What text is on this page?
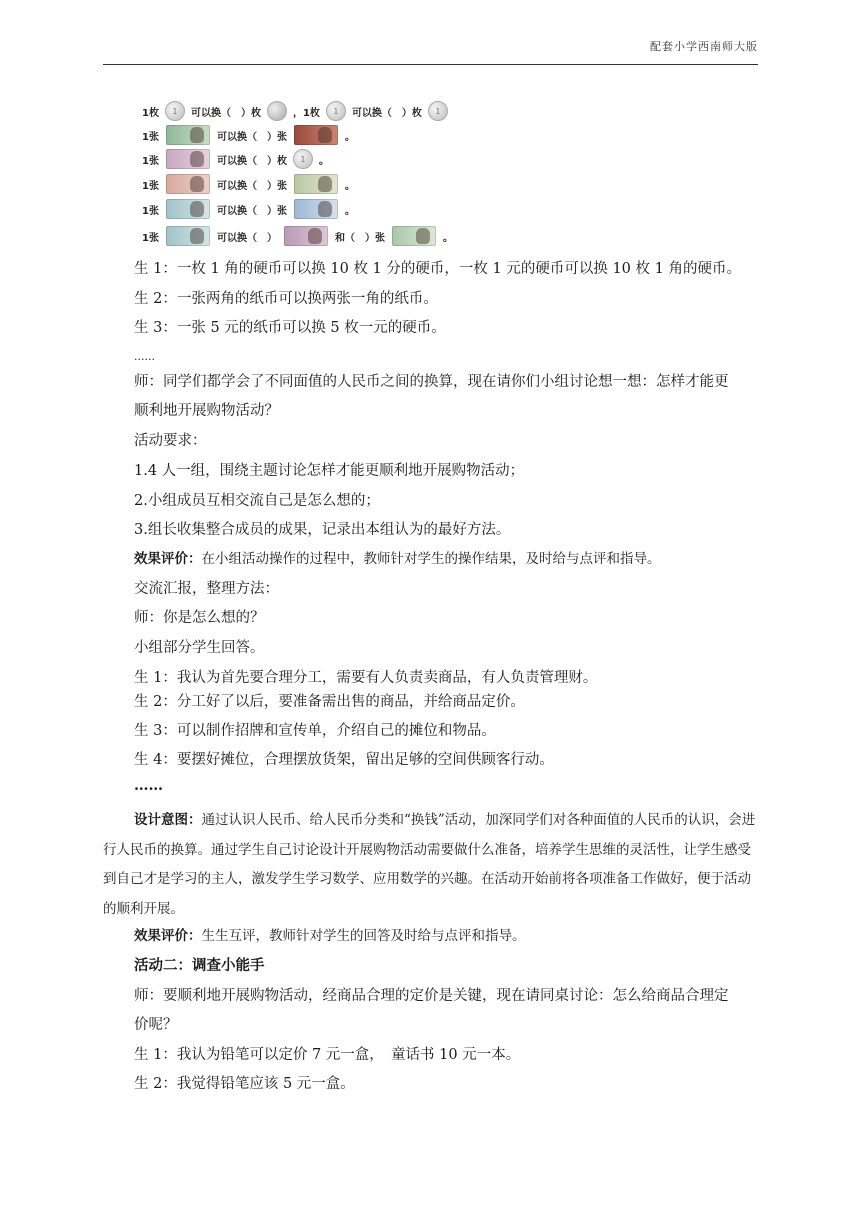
配套小学西南师大版
1枚	1	可以换（　）枚	，1枚	1	可以换（　）枚	1
1张	可以换（　）张	。
1张	可以换（　）枚	1	。
1张	可以换（　）张	。
1张	可以换（　）张	。
1张	可以换（　）	和（　）张	。
生 1：一枚 1 角的硬币可以换 10 枚 1 分的硬币，一枚 1 元的硬币可以换 10 枚 1 角的硬币。
生 2：一张两角的纸币可以换两张一角的纸币。
生 3：一张 5 元的纸币可以换 5 枚一元的硬币。
......
师：同学们都学会了不同面值的人民币之间的换算，现在请你们小组讨论想一想：怎样才能更
顺利地开展购物活动？
活动要求：
1.4 人一组，围绕主题讨论怎样才能更顺利地开展购物活动；
2.小组成员互相交流自己是怎么想的；
3.组长收集整合成员的成果，记录出本组认为的最好方法。
效果评价：在小组活动操作的过程中，教师针对学生的操作结果，及时给与点评和指导。
交流汇报，整理方法：
师：你是怎么想的？
小组部分学生回答。
生 1：我认为首先要合理分工，需要有人负责卖商品，有人负责管理财。
生 2：分工好了以后，要准备需出售的商品，并给商品定价。
生 3：可以制作招牌和宣传单，介绍自己的摊位和物品。
生 4：要摆好摊位，合理摆放货架，留出足够的空间供顾客行动。
……
设计意图：通过认识人民币、给人民币分类和“换钱”活动，加深同学们对各种面值的人民币的认识，会进行人民币的换算。通过学生自己讨论设计开展购物活动需要做什么准备，培养学生思维的灵活性，让学生感受到自己才是学习的主人，激发学生学习数学、应用数学的兴趣。在活动开始前将各项准备工作做好，便于活动的顺利开展。
效果评价：生生互评，教师针对学生的回答及时给与点评和指导。
活动二：调查小能手
师：要顺利地开展购物活动，经商品合理的定价是关键，现在请同桌讨论：怎么给商品合理定
价呢？
生 1：我认为铅笔可以定价 7 元一盒，　童话书 10 元一本。
生 2：我觉得铅笔应该 5 元一盒。
